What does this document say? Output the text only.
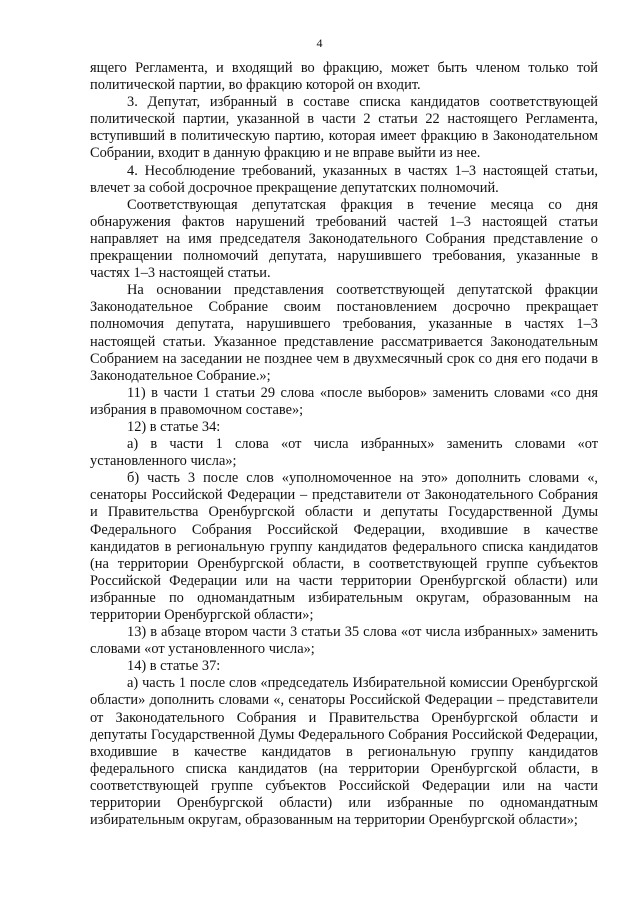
4

ящего Регламента, и входящий во фракцию, может быть членом только той политической партии, во фракцию которой он входит.

3. Депутат, избранный в составе списка кандидатов соответствующей политической партии, указанной в части 2 статьи 22 настоящего Регламента, вступивший в политическую партию, которая имеет фракцию в Законодательном Собрании, входит в данную фракцию и не вправе выйти из нее.

4. Несоблюдение требований, указанных в частях 1–3 настоящей статьи, влечет за собой досрочное прекращение депутатских полномочий.

Соответствующая депутатская фракция в течение месяца со дня обнаружения фактов нарушений требований частей 1–3 настоящей статьи направляет на имя председателя Законодательного Собрания представление о прекращении полномочий депутата, нарушившего требования, указанные в частях 1–3 настоящей статьи.

На основании представления соответствующей депутатской фракции Законодательное Собрание своим постановлением досрочно прекращает полномочия депутата, нарушившего требования, указанные в частях 1–3 настоящей статьи. Указанное представление рассматривается Законодательным Собранием на заседании не позднее чем в двухмесячный срок со дня его подачи в Законодательное Собрание.»;

11) в части 1 статьи 29 слова «после выборов» заменить словами «со дня избрания в правомочном составе»;

12) в статье 34:

а) в части 1 слова «от числа избранных» заменить словами «от установленного числа»;

б) часть 3 после слов «уполномоченное на это» дополнить словами «, сенаторы Российской Федерации – представители от Законодательного Собрания и Правительства Оренбургской области и депутаты Государственной Думы Федерального Собрания Российской Федерации, входившие в качестве кандидатов в региональную группу кандидатов федерального списка кандидатов (на территории Оренбургской области, в соответствующей группе субъектов Российской Федерации или на части территории Оренбургской области) или избранные по одномандатным избирательным округам, образованным на территории Оренбургской области»;

13) в абзаце втором части 3 статьи 35 слова «от числа избранных» заменить словами «от установленного числа»;

14) в статье 37:

а) часть 1 после слов «председатель Избирательной комиссии Оренбургской области» дополнить словами «, сенаторы Российской Федерации – представители от Законодательного Собрания и Правительства Оренбургской области и депутаты Государственной Думы Федерального Собрания Российской Федерации, входившие в качестве кандидатов в региональную группу кандидатов федерального списка кандидатов (на территории Оренбургской области, в соответствующей группе субъектов Российской Федерации или на части территории Оренбургской области) или избранные по одномандатным избирательным округам, образованным на территории Оренбургской области»;
